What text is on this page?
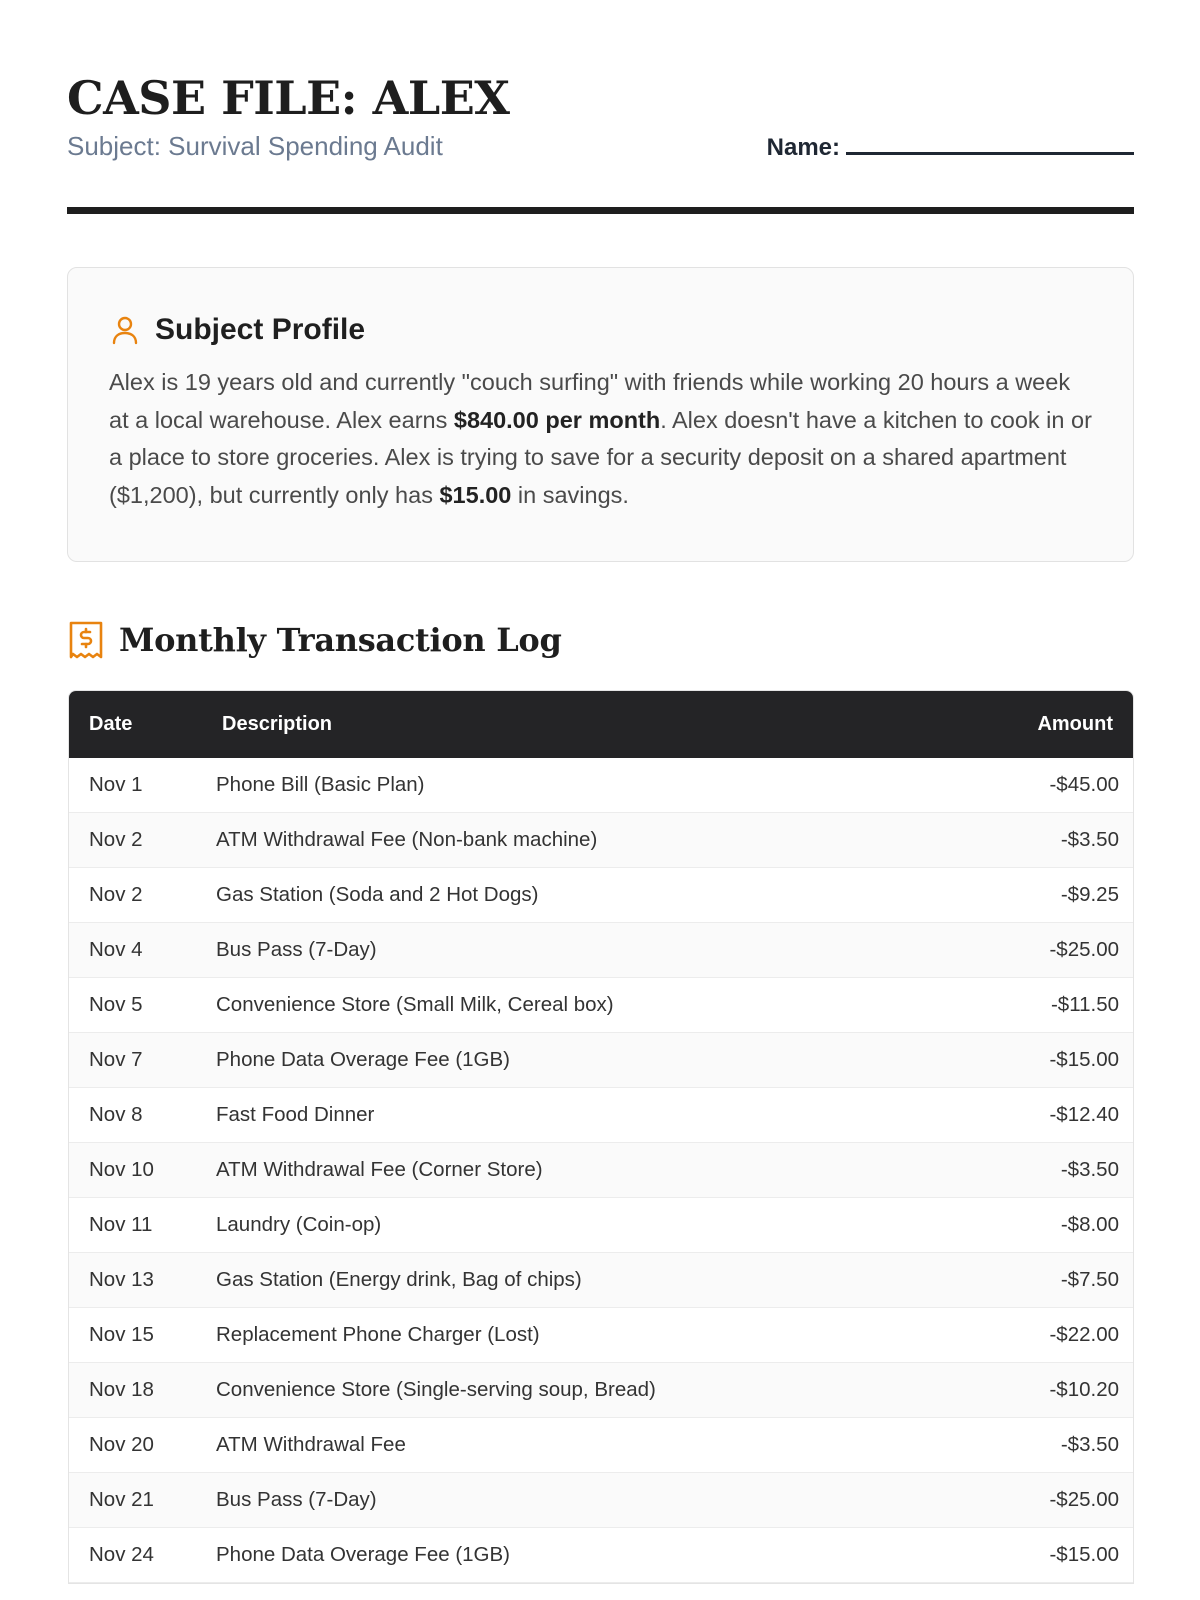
CASE FILE: ALEX
Subject: Survival Spending Audit	Name:
Subject Profile

Alex is 19 years old and currently "couch surfing" with friends while working 20 hours a week at a local warehouse. Alex earns $840.00 per month. Alex doesn't have a kitchen to cook in or a place to store groceries. Alex is trying to save for a security deposit on a shared apartment ($1,200), but currently only has $15.00 in savings.

Monthly Transaction Log
Date	Description	Amount
Nov 1	Phone Bill (Basic Plan)	-$45.00
Nov 2	ATM Withdrawal Fee (Non-bank machine)	-$3.50
Nov 2	Gas Station (Soda and 2 Hot Dogs)	-$9.25
Nov 4	Bus Pass (7-Day)	-$25.00
Nov 5	Convenience Store (Small Milk, Cereal box)	-$11.50
Nov 7	Phone Data Overage Fee (1GB)	-$15.00
Nov 8	Fast Food Dinner	-$12.40
Nov 10	ATM Withdrawal Fee (Corner Store)	-$3.50
Nov 11	Laundry (Coin-op)	-$8.00
Nov 13	Gas Station (Energy drink, Bag of chips)	-$7.50
Nov 15	Replacement Phone Charger (Lost)	-$22.00
Nov 18	Convenience Store (Single-serving soup, Bread)	-$10.20
Nov 20	ATM Withdrawal Fee	-$3.50
Nov 21	Bus Pass (7-Day)	-$25.00
Nov 24	Phone Data Overage Fee (1GB)	-$15.00
